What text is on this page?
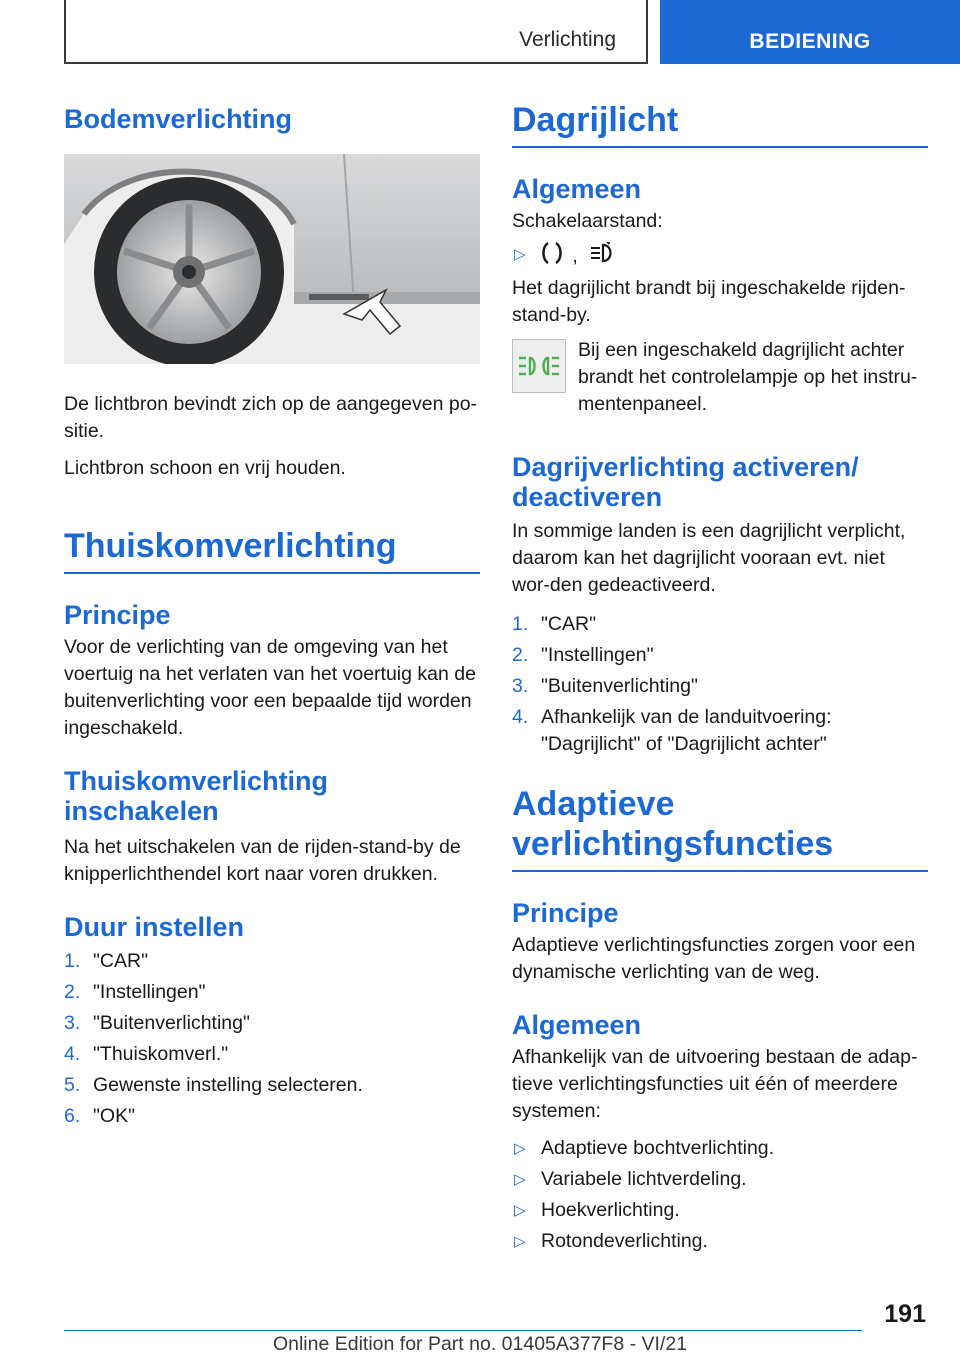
Verlichting	BEDIENING
Bodemverlichting

De lichtbron bevindt zich op de aangegeven po‐sitie.

Lichtbron schoon en vrij houden.

Thuiskomverlichting
Principe

Voor de verlichting van de omgeving van het voertuig na het verlaten van het voertuig kan de buitenverlichting voor een bepaalde tijd worden ingeschakeld.

Thuiskomverlichting inschakelen

Na het uitschakelen van de rijden-stand-by de knipperlichthendel kort naar voren drukken.

Duur instellen
1. "CAR"
2. "Instellingen"
3. "Buitenverlichting"
4. "Thuiskomverl."
5. Gewenste instelling selecteren.
6. "OK"
Dagrijlicht
Algemeen

Schakelaarstand:

▷ ,

Het dagrijlicht brandt bij ingeschakelde rijden-stand-by.

Bij een ingeschakeld dagrijlicht achter brandt het controlelampje op het instru‐mentenpaneel.

Dagrijverlichting activeren/ deactiveren

In sommige landen is een dagrijlicht verplicht, daarom kan het dagrijlicht vooraan evt. niet wor‐den gedeactiveerd.

1. "CAR"
2. "Instellingen"
3. "Buitenverlichting"
4. Afhankelijk van de landuitvoering: "Dagrijlicht" of "Dagrijlicht achter"
Adaptieve verlichtingsfuncties
Principe

Adaptieve verlichtingsfuncties zorgen voor een dynamische verlichting van de weg.

Algemeen

Afhankelijk van de uitvoering bestaan de adap‐tieve verlichtingsfuncties uit één of meerdere systemen:

▷ Adaptieve bochtverlichting.
▷ Variabele lichtverdeling.
▷ Hoekverlichting.
▷ Rotondeverlichting.
191
Online Edition for Part no. 01405A377F8 - VI/21
